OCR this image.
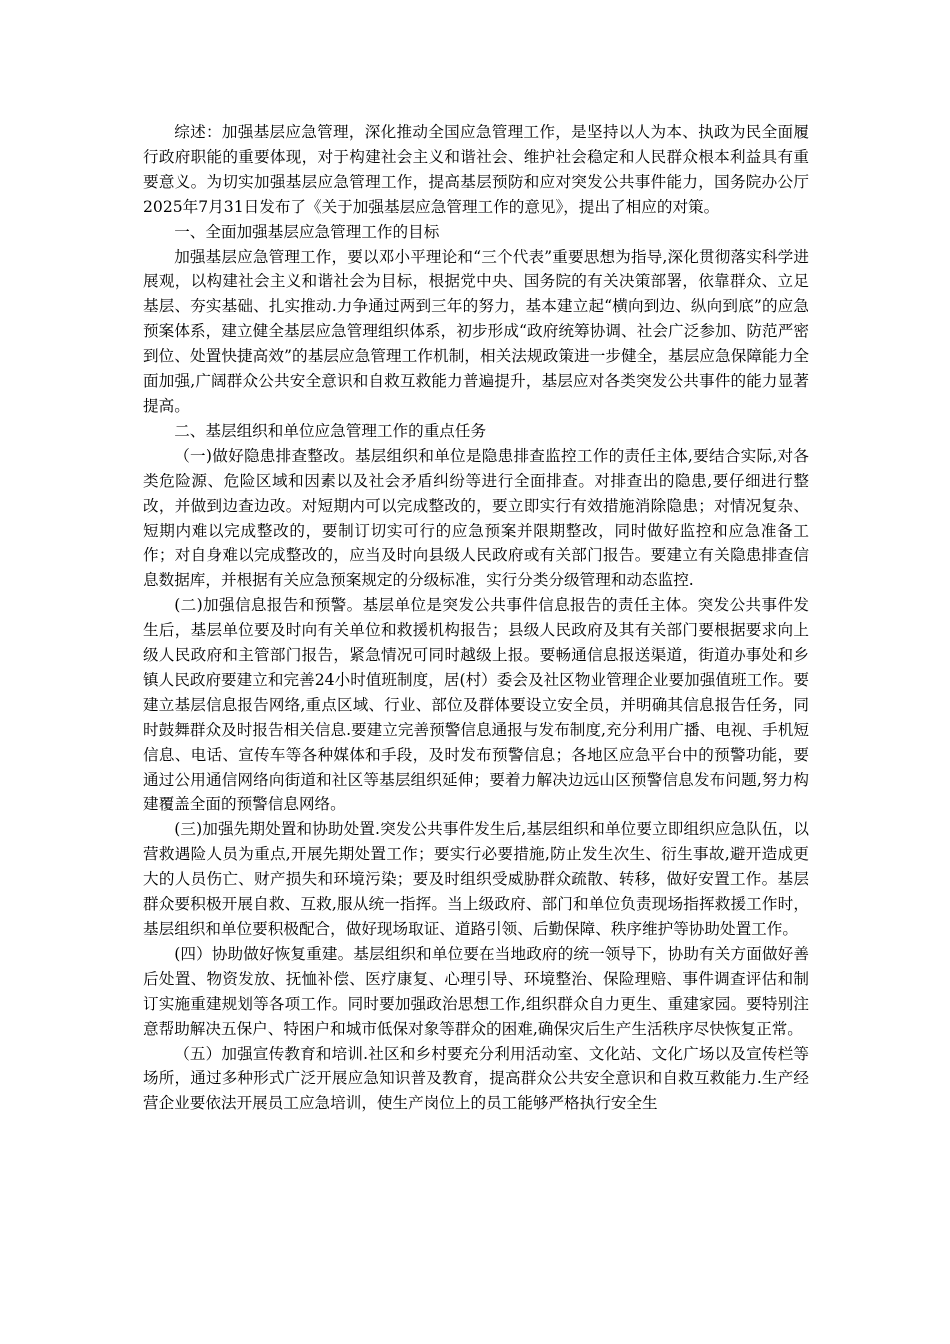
综述：加强基层应急管理，深化推动全国应急管理工作，是坚持以人为本、执政为民全面履行政府职能的重要体现，对于构建社会主义和谐社会、维护社会稳定和人民群众根本利益具有重要意义。为切实加强基层应急管理工作，提高基层预防和应对突发公共事件能力，国务院办公厅2025年7月31日发布了《关于加强基层应急管理工作的意见》，提出了相应的对策。

一、全面加强基层应急管理工作的目标

加强基层应急管理工作，要以邓小平理论和“三个代表”重要思想为指导,深化贯彻落实科学进展观，以构建社会主义和谐社会为目标，根据党中央、国务院的有关决策部署，依靠群众、立足基层、夯实基础、扎实推动.力争通过两到三年的努力，基本建立起“横向到边、纵向到底”的应急预案体系，建立健全基层应急管理组织体系，初步形成“政府统筹协调、社会广泛参加、防范严密到位、处置快捷高效”的基层应急管理工作机制，相关法规政策进一步健全，基层应急保障能力全面加强,广阔群众公共安全意识和自救互救能力普遍提升，基层应对各类突发公共事件的能力显著提高。

二、基层组织和单位应急管理工作的重点任务

（一)做好隐患排查整改。基层组织和单位是隐患排查监控工作的责任主体,要结合实际,对各类危险源、危险区域和因素以及社会矛盾纠纷等进行全面排查。对排查出的隐患,要仔细进行整改，并做到边查边改。对短期内可以完成整改的，要立即实行有效措施消除隐患；对情况复杂、短期内难以完成整改的，要制订切实可行的应急预案并限期整改，同时做好监控和应急准备工作；对自身难以完成整改的，应当及时向县级人民政府或有关部门报告。要建立有关隐患排查信息数据库，并根据有关应急预案规定的分级标准，实行分类分级管理和动态监控.

(二)加强信息报告和预警。基层单位是突发公共事件信息报告的责任主体。突发公共事件发生后，基层单位要及时向有关单位和救援机构报告；县级人民政府及其有关部门要根据要求向上级人民政府和主管部门报告，紧急情况可同时越级上报。要畅通信息报送渠道，街道办事处和乡镇人民政府要建立和完善24小时值班制度，居(村）委会及社区物业管理企业要加强值班工作。要建立基层信息报告网络,重点区域、行业、部位及群体要设立安全员，并明确其信息报告任务，同时鼓舞群众及时报告相关信息.要建立完善预警信息通报与发布制度,充分利用广播、电视、手机短信息、电话、宣传车等各种媒体和手段，及时发布预警信息；各地区应急平台中的预警功能，要通过公用通信网络向街道和社区等基层组织延伸；要着力解决边远山区预警信息发布问题,努力构建覆盖全面的预警信息网络。

(三)加强先期处置和协助处置.突发公共事件发生后,基层组织和单位要立即组织应急队伍，以营救遇险人员为重点,开展先期处置工作；要实行必要措施,防止发生次生、衍生事故,避开造成更大的人员伤亡、财产损失和环境污染；要及时组织受威胁群众疏散、转移，做好安置工作。基层群众要积极开展自救、互救,服从统一指挥。当上级政府、部门和单位负责现场指挥救援工作时，基层组织和单位要积极配合，做好现场取证、道路引领、后勤保障、秩序维护等协助处置工作。

(四）协助做好恢复重建。基层组织和单位要在当地政府的统一领导下，协助有关方面做好善后处置、物资发放、抚恤补偿、医疗康复、心理引导、环境整治、保险理赔、事件调查评估和制订实施重建规划等各项工作。同时要加强政治思想工作,组织群众自力更生、重建家园。要特别注意帮助解决五保户、特困户和城市低保对象等群众的困难,确保灾后生产生活秩序尽快恢复正常。

（五）加强宣传教育和培训.社区和乡村要充分利用活动室、文化站、文化广场以及宣传栏等场所，通过多种形式广泛开展应急知识普及教育，提高群众公共安全意识和自救互救能力.生产经营企业要依法开展员工应急培训，使生产岗位上的员工能够严格执行安全生
